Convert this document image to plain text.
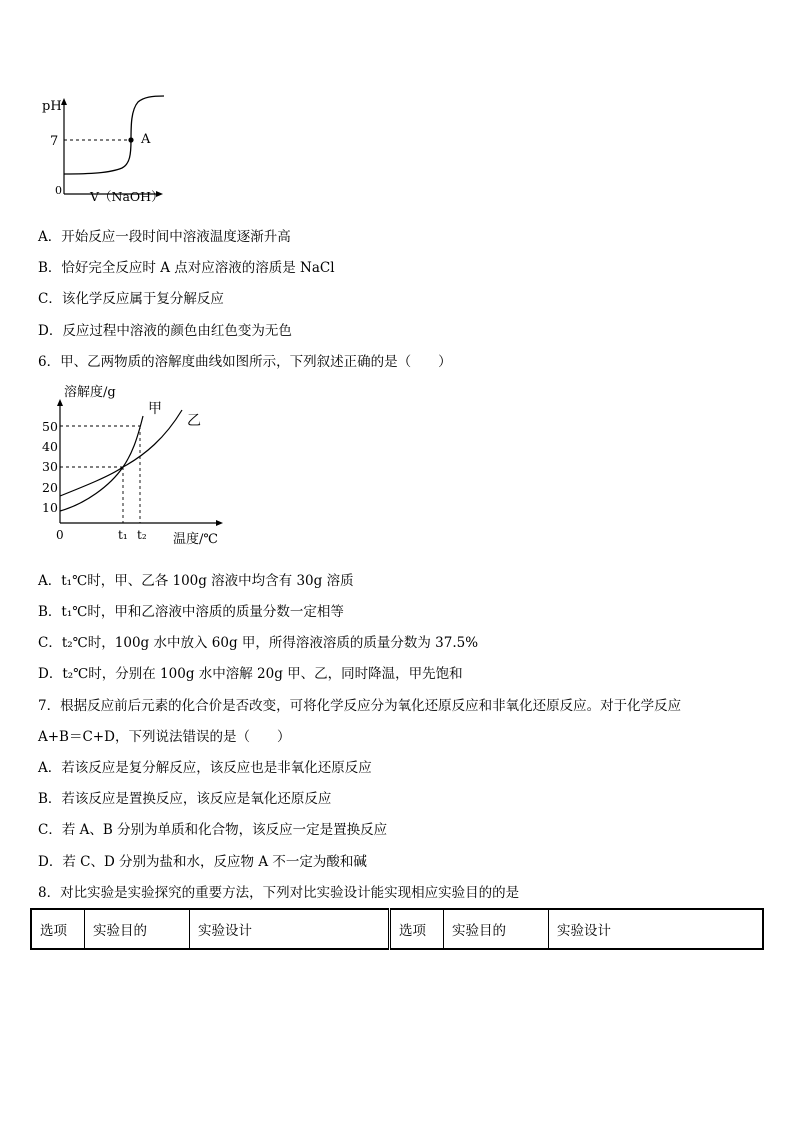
pH
7
0
A
V（NaOH）
A．开始反应一段时间中溶液温度逐渐升高
B．恰好完全反应时 A 点对应溶液的溶质是 NaCl
C．该化学反应属于复分解反应
D．反应过程中溶液的颜色由红色变为无色
6．甲、乙两物质的溶解度曲线如图所示，下列叙述正确的是（　　）
溶解度/g
50
40
30
20
10
0	t₁ t₂ 温度/℃
甲
乙
A．t₁℃时，甲、乙各 100g 溶液中均含有 30g 溶质
B．t₁℃时，甲和乙溶液中溶质的质量分数一定相等
C．t₂℃时，100g 水中放入 60g 甲，所得溶液溶质的质量分数为 37.5%
D．t₂℃时，分别在 100g 水中溶解 20g 甲、乙，同时降温，甲先饱和
7．根据反应前后元素的化合价是否改变，可将化学反应分为氧化还原反应和非氧化还原反应。对于化学反应
A+B＝C+D，下列说法错误的是（　　）
A．若该反应是复分解反应，该反应也是非氧化还原反应
B．若该反应是置换反应，该反应是氧化还原反应
C．若 A、B 分别为单质和化合物，该反应一定是置换反应
D．若 C、D 分别为盐和水，反应物 A 不一定为酸和碱
8．对比实验是实验探究的重要方法，下列对比实验设计能实现相应实验目的的是
选项	实验目的	实验设计	选项	实验目的	实验设计
